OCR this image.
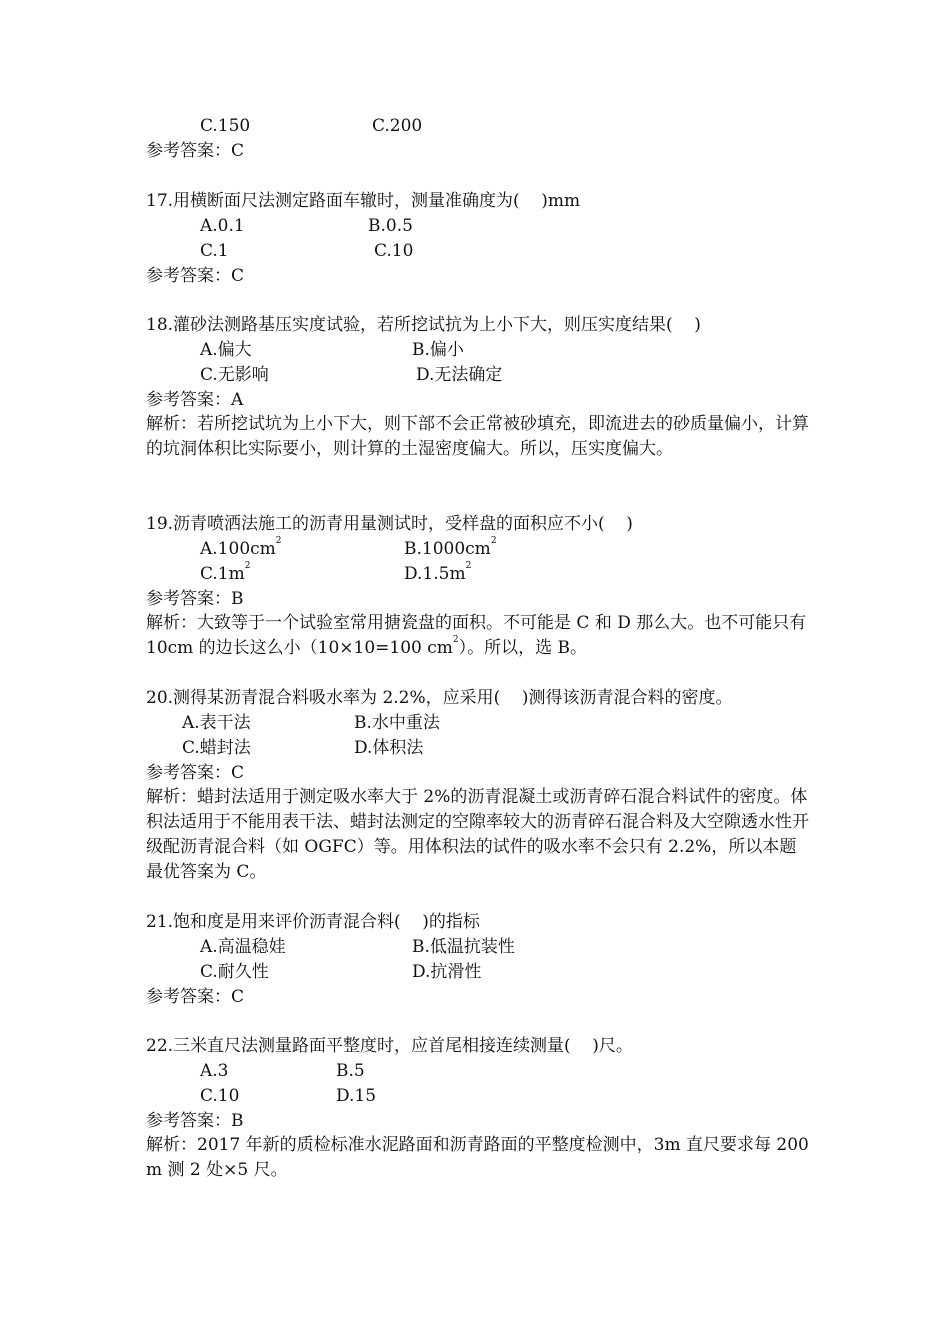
C.150	C.200
参考答案：C
17.用横断面尺法测定路面车辙时，测量准确度为(    )mm
A.0.1	B.0.5
C.1	C.10
参考答案：C
18.灌砂法测路基压实度试验，若所挖试抗为上小下大，则压实度结果(    )
A.偏大	B.偏小
C.无影响	D.无法确定
参考答案：A
解析：若所挖试坑为上小下大，则下部不会正常被砂填充，即流进去的砂质量偏小，计算的坑洞体积比实际要小，则计算的土湿密度偏大。所以，压实度偏大。
19.沥青喷洒法施工的沥青用量测试时，受样盘的面积应不小(    )
$A.100cm^2$	$B.1000cm^2$
$C.1m^2$	$D.1.5m^2$
参考答案：B
解析：大致等于一个试验室常用搪瓷盘的面积。不可能是 C 和 D 那么大。也不可能只有 10cm 的边长这么小（10×10=100 $cm^2$）。所以，选 B。
20.测得某沥青混合料吸水率为 2.2%，应采用(    )测得该沥青混合料的密度。
A.表干法	B.水中重法
C.蜡封法	D.体积法
参考答案：C
解析：蜡封法适用于测定吸水率大于 2%的沥青混凝土或沥青碎石混合料试件的密度。体积法适用于不能用表干法、蜡封法测定的空隙率较大的沥青碎石混合料及大空隙透水性开级配沥青混合料（如 OGFC）等。用体积法的试件的吸水率不会只有 2.2%，所以本题最优答案为 C。
21.饱和度是用来评价沥青混合料(    )的指标
A.高温稳娃	B.低温抗装性
C.耐久性	D.抗滑性
参考答案：C
22.三米直尺法测量路面平整度时，应首尾相接连续测量(    )尺。
A.3	B.5
C.10	D.15
参考答案：B
解析：2017 年新的质检标准水泥路面和沥青路面的平整度检测中，3m 直尺要求每 200m 测 2 处×5 尺。
